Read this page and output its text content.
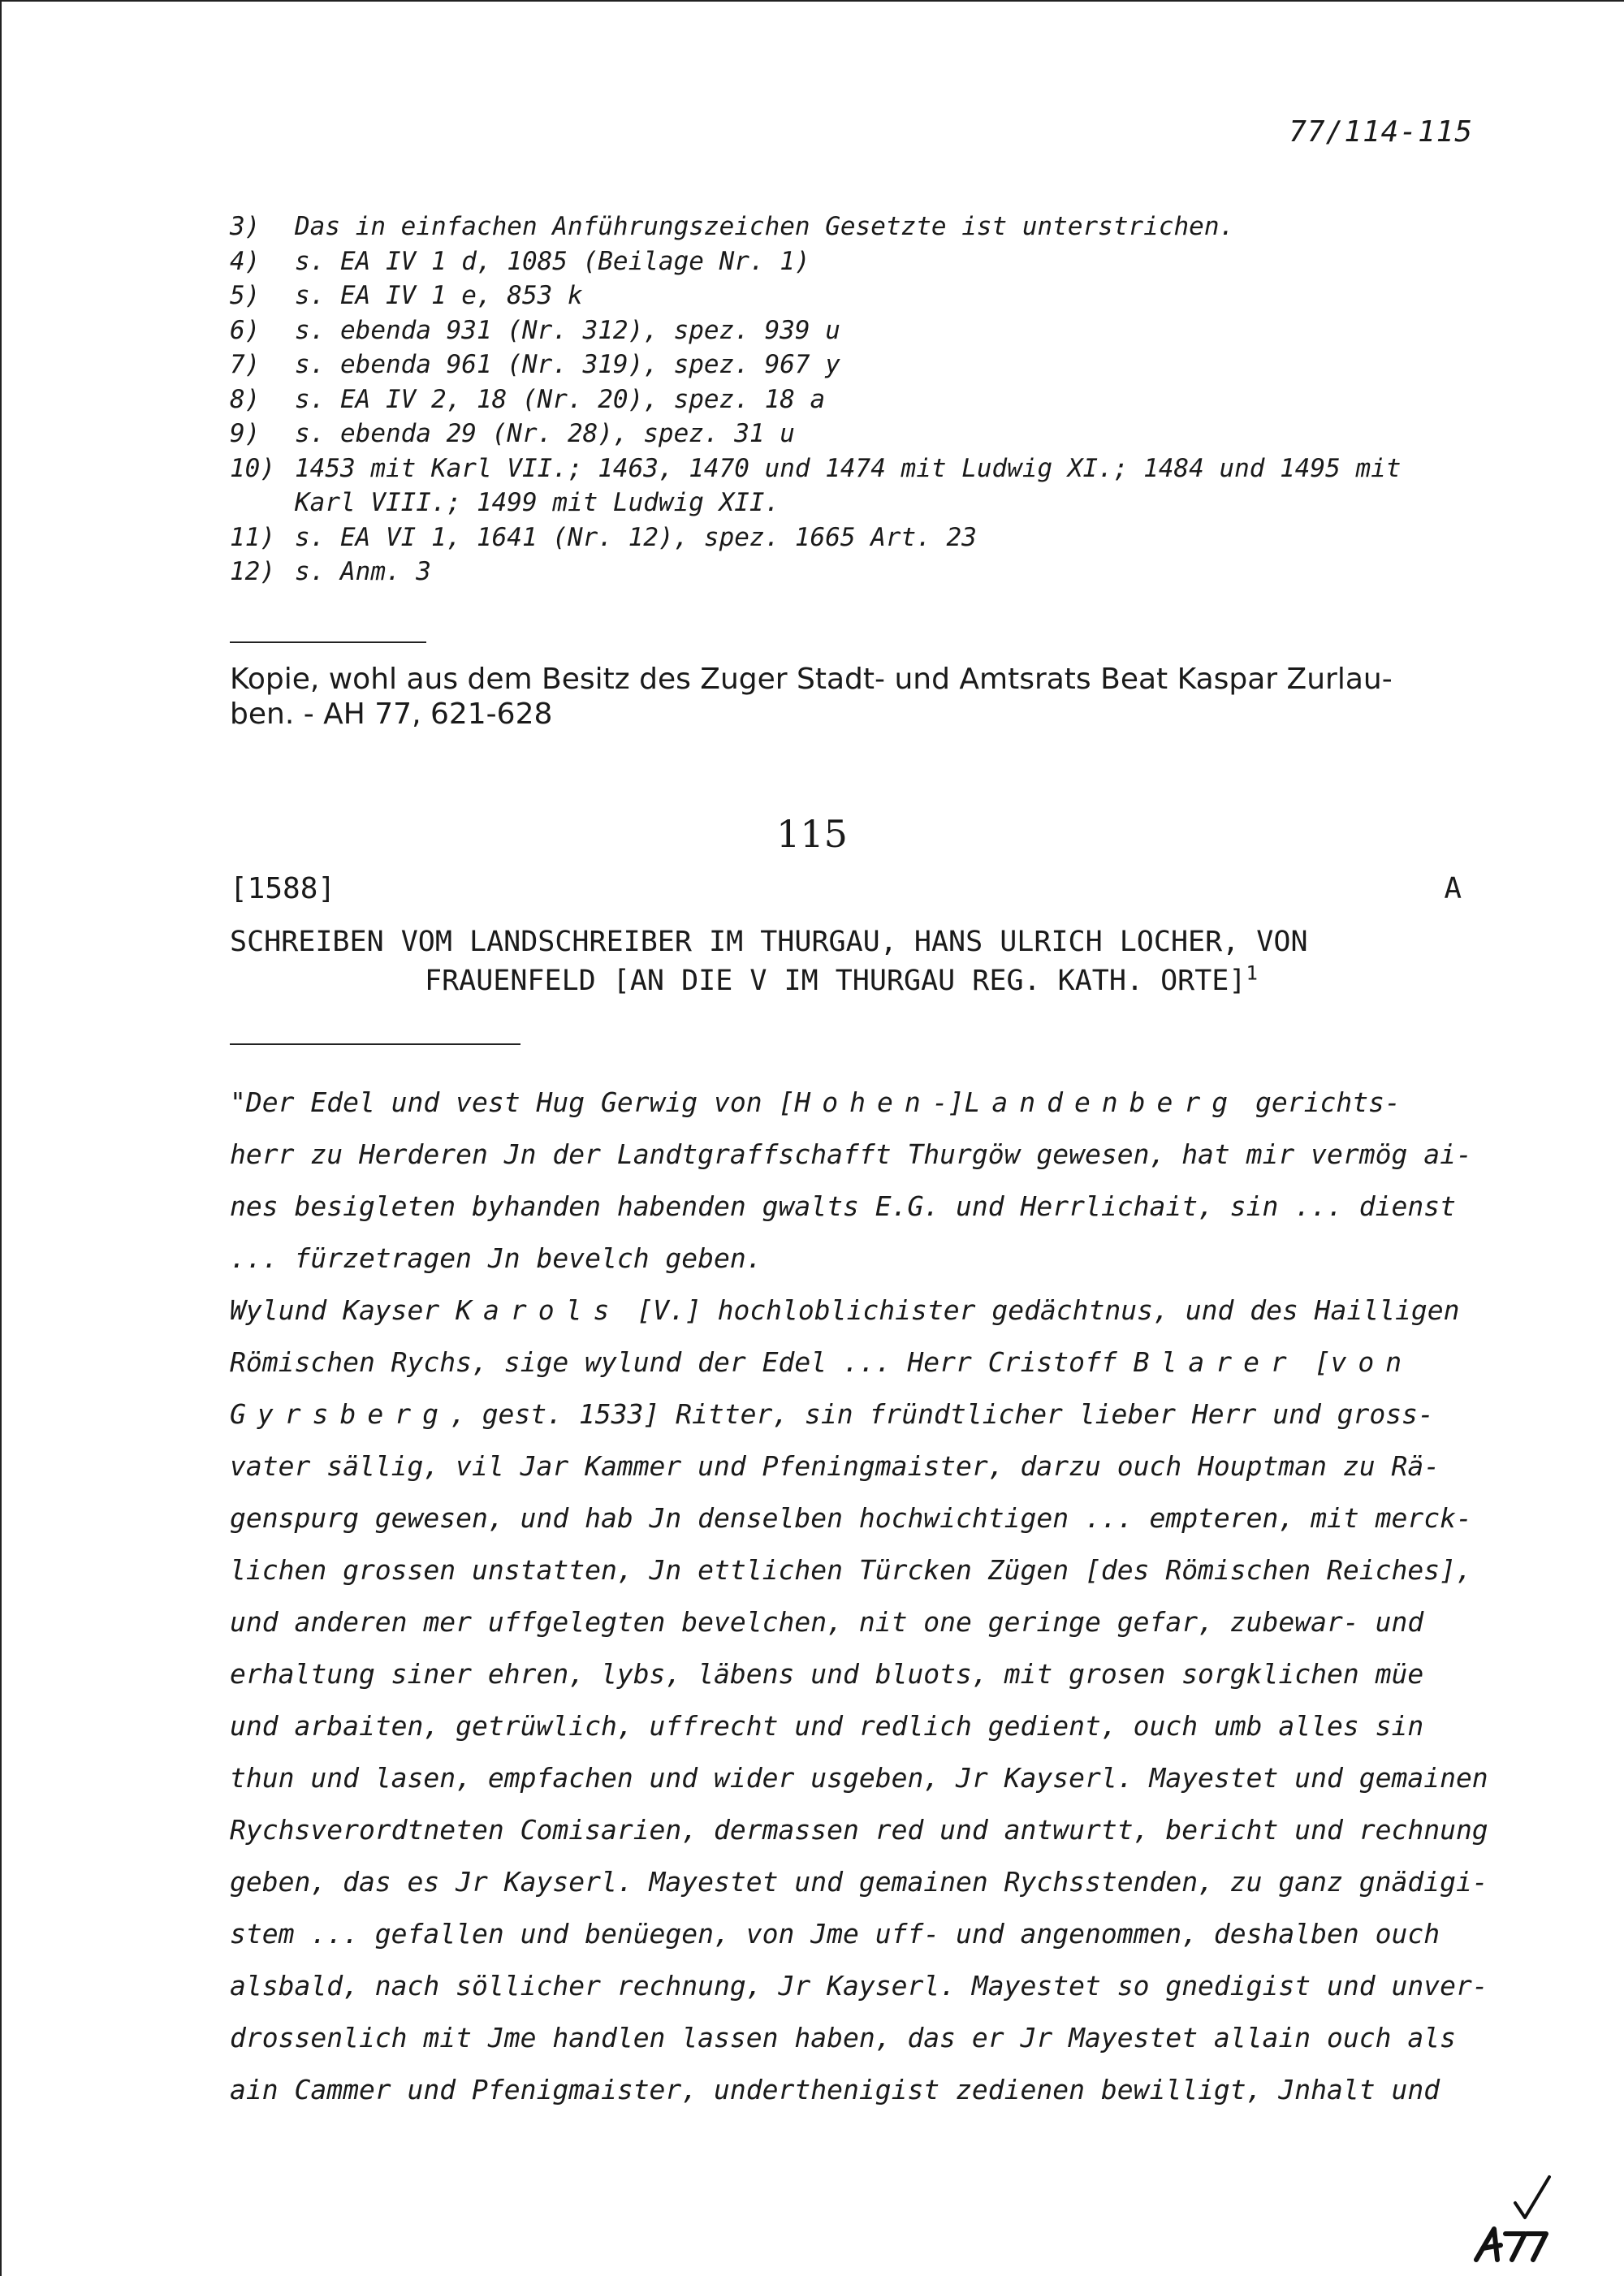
77/114-115
3)	Das in einfachen Anführungszeichen Gesetzte ist unterstrichen.
4)	s. EA IV 1 d, 1085 (Beilage Nr. 1)
5)	s. EA IV 1 e, 853 k
6)	s. ebenda 931 (Nr. 312), spez. 939 u
7)	s. ebenda 961 (Nr. 319), spez. 967 y
8)	s. EA IV 2, 18 (Nr. 20), spez. 18 a
9)	s. ebenda 29 (Nr. 28), spez. 31 u
10) 1453 mit Karl VII.; 1463, 1470 und 1474 mit Ludwig XI.; 1484 und 1495 mit
Karl VIII.; 1499 mit Ludwig XII.
11) s. EA VI 1, 1641 (Nr. 12), spez. 1665 Art. 23
12) s. Anm. 3
Kopie, wohl aus dem Besitz des Zuger Stadt- und Amtsrats Beat Kaspar Zurlau-
ben. - AH 77, 621-628
115
[1588]	A
SCHREIBEN VOM LANDSCHREIBER IM THURGAU, HANS ULRICH LOCHER, VON
FRAUENFELD [AN DIE V IM THURGAU REG. KATH. ORTE]$^1$
"Der Edel und vest Hug Gerwig von [Hohen-]Landenberg gerichts-
herr zu Herderen Jn der Landtgraffschafft Thurgöw gewesen, hat mir vermög ai-
nes besigleten byhanden habenden gwalts E.G. und Herrlichait, sin ... dienst
... fürzetragen Jn bevelch geben.
Wylund Kayser Karols [V.] hochloblichister gedächtnus, und des Hailligen
Römischen Rychs, sige wylund der Edel ... Herr Cristoff Blarer [von
Gyrsberg, gest. 1533] Ritter, sin fründtlicher lieber Herr und gross-
vater sällig, vil Jar Kammer und Pfeningmaister, darzu ouch Houptman zu Rä-
genspurg gewesen, und hab Jn denselben hochwichtigen ... empteren, mit merck-
lichen grossen unstatten, Jn ettlichen Türcken Zügen [des Römischen Reiches],
und anderen mer uffgelegten bevelchen, nit one geringe gefar, zubewar- und
erhaltung siner ehren, lybs, läbens und bluots, mit grosen sorgklichen müe
und arbaiten, getrüwlich, uffrecht und redlich gedient, ouch umb alles sin
thun und lasen, empfachen und wider usgeben, Jr Kayserl. Mayestet und gemainen
Rychsverordtneten Comisarien, dermassen red und antwurtt, bericht und rechnung
geben, das es Jr Kayserl. Mayestet und gemainen Rychsstenden, zu ganz gnädigi-
stem ... gefallen und benüegen, von Jme uff- und angenommen, deshalben ouch
alsbald, nach söllicher rechnung, Jr Kayserl. Mayestet so gnedigist und unver-
drossenlich mit Jme handlen lassen haben, das er Jr Mayestet allain ouch als
ain Cammer und Pfenigmaister, underthenigist zedienen bewilligt, Jnhalt und
